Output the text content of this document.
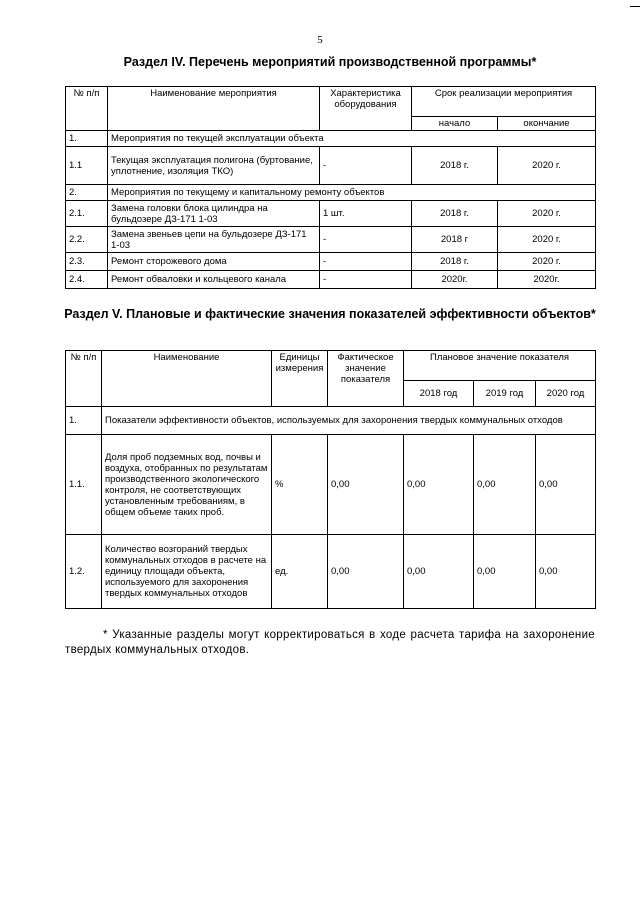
5
Раздел IV. Перечень мероприятий производственной программы*
№ п/п	Наименование мероприятия	Характеристика оборудования	Срок реализации мероприятия	
			начало	окончание
1.	Мероприятия по текущей эксплуатации объекта			
1.1	Текущая эксплуатация полигона (буртование, уплотнение, изоляция ТКО)	-	2018 г.	2020 г.
2.	Мероприятия по текущему и капитальному ремонту объектов			
2.1.	Замена головки блока цилиндра на бульдозере ДЗ-171 1-03	1 шт.	2018 г.	2020 г.
2.2.	Замена звеньев цепи на бульдозере ДЗ-171 1-03	-	2018 г	2020 г.
2.3.	Ремонт сторожевого дома	-	2018 г.	2020 г.
2.4.	Ремонт обваловки и кольцевого канала	-	2020г.	2020г.
Раздел V. Плановые и фактические значения показателей эффективности объектов*
№ п/п	Наименование	Единицы измерения	Фактическое значение показателя	Плановое значение показателя		
				2018 год	2019 год	2020 год
1.	Показатели эффективности объектов, используемых для захоронения твердых коммунальных отходов					
1.1.	Доля проб подземных вод, почвы и воздуха, отобранных по результатам производственного экологического контроля, не соответствующих установленным требованиям, в общем объеме таких проб.	%	0,00	0,00	0,00	0,00
1.2.	Количество возгораний твердых коммунальных отходов в расчете на единицу площади объекта, используемого для захоронения твердых коммунальных отходов	ед.	0,00	0,00	0,00	0,00
* Указанные разделы могут корректироваться в ходе расчета тарифа на захоронение твердых коммунальных отходов.
